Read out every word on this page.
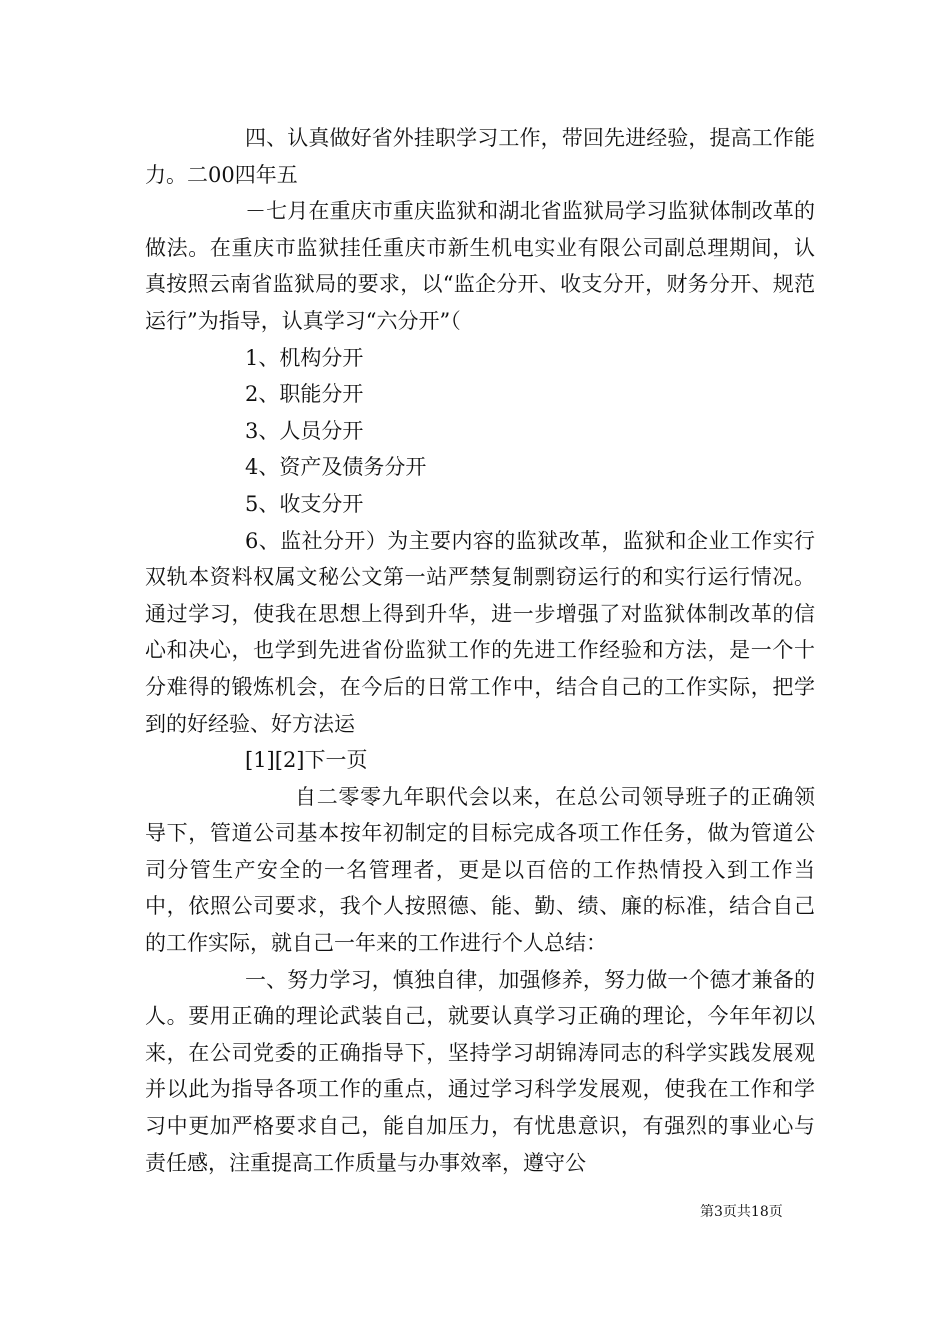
四、认真做好省外挂职学习工作，带回先进经验，提高工作能力。二00四年五

－七月在重庆市重庆监狱和湖北省监狱局学习监狱体制改革的做法。在重庆市监狱挂任重庆市新生机电实业有限公司副总理期间，认真按照云南省监狱局的要求，以“监企分开、收支分开，财务分开、规范运行”为指导，认真学习“六分开”（

1、机构分开

2、职能分开

3、人员分开

4、资产及债务分开

5、收支分开

6、监社分开）为主要内容的监狱改革，监狱和企业工作实行双轨本资料权属文秘公文第一站严禁复制剽窃运行的和实行运行情况。通过学习，使我在思想上得到升华，进一步增强了对监狱体制改革的信心和决心，也学到先进省份监狱工作的先进工作经验和方法，是一个十分难得的锻炼机会，在今后的日常工作中，结合自己的工作实际，把学到的好经验、好方法运

[1][2]下一页

自二零零九年职代会以来，在总公司领导班子的正确领导下，管道公司基本按年初制定的目标完成各项工作任务，做为管道公司分管生产安全的一名管理者，更是以百倍的工作热情投入到工作当中，依照公司要求，我个人按照德、能、勤、绩、廉的标准，结合自己的工作实际，就自己一年来的工作进行个人总结：

一、努力学习，慎独自律，加强修养，努力做一个德才兼备的人。要用正确的理论武装自己，就要认真学习正确的理论，今年年初以来，在公司党委的正确指导下，坚持学习胡锦涛同志的科学实践发展观并以此为指导各项工作的重点，通过学习科学发展观，使我在工作和学习中更加严格要求自己，能自加压力，有忧患意识，有强烈的事业心与责任感，注重提高工作质量与办事效率，遵守公

第3页共18页
